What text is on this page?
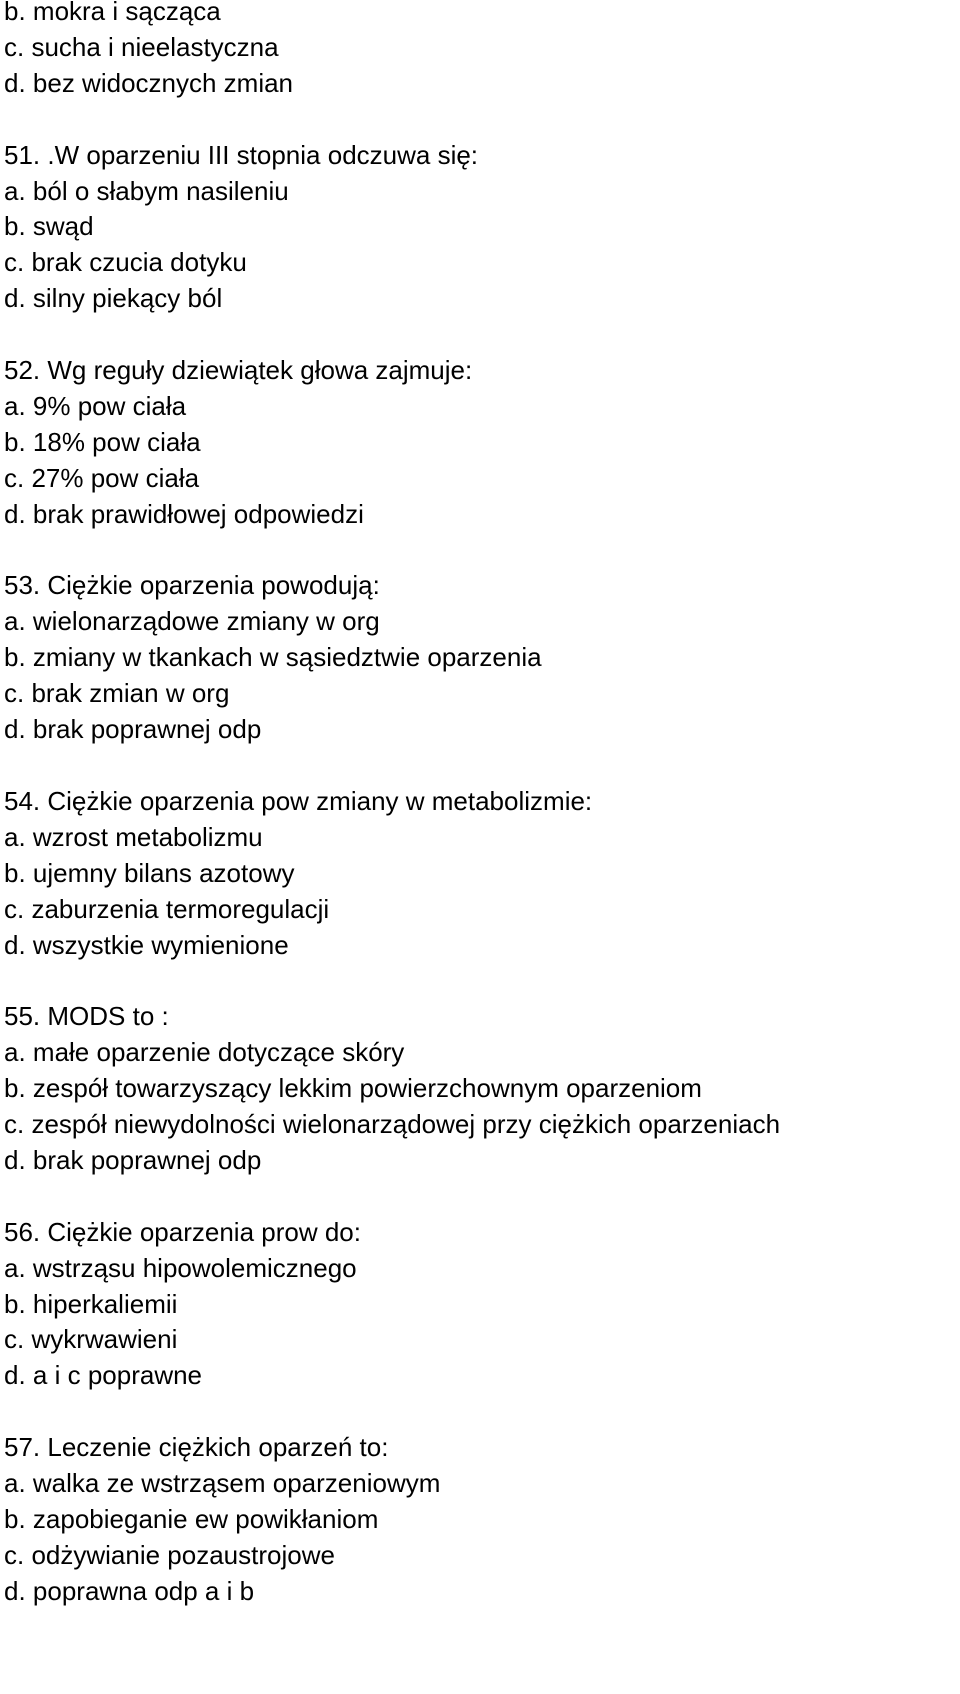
b. mokra i sącząca

c. sucha i nieelastyczna

d. bez widocznych zmian

51. .W oparzeniu III stopnia odczuwa się:

a. ból o słabym nasileniu

b. swąd

c. brak czucia dotyku

d. silny piekący ból

52. Wg reguły dziewiątek głowa zajmuje:

a. 9% pow ciała

b. 18% pow ciała

c. 27% pow ciała

d. brak prawidłowej odpowiedzi

53. Ciężkie oparzenia powodują:

a. wielonarządowe zmiany w org

b. zmiany w tkankach w sąsiedztwie oparzenia

c. brak zmian w org

d. brak poprawnej odp

54. Ciężkie oparzenia pow zmiany w metabolizmie:

a. wzrost metabolizmu

b. ujemny bilans azotowy

c. zaburzenia termoregulacji

d. wszystkie wymienione

55. MODS to :

a. małe oparzenie dotyczące skóry

b. zespół towarzyszący lekkim powierzchownym oparzeniom

c. zespół niewydolności wielonarządowej przy ciężkich oparzeniach

d. brak poprawnej odp

56. Ciężkie oparzenia prow do:

a. wstrząsu hipowolemicznego

b. hiperkaliemii

c. wykrwawieni

d. a i c poprawne

57. Leczenie ciężkich oparzeń to:

a. walka ze wstrząsem oparzeniowym

b. zapobieganie ew powikłaniom

c. odżywianie pozaustrojowe

d. poprawna odp a i b
